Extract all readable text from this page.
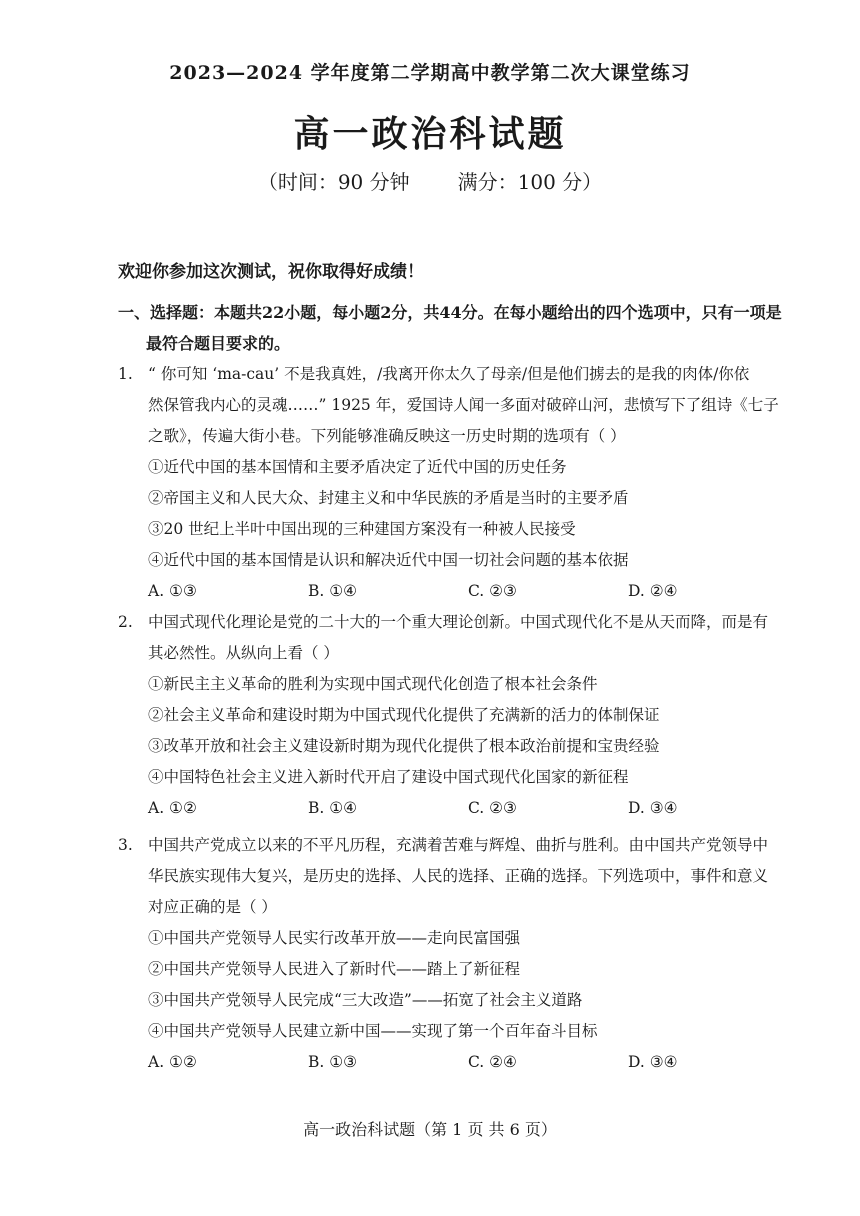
2023—2024 学年度第二学期高中教学第二次大课堂练习
高一政治科试题
（时间：90 分钟 满分：100 分）
欢迎你参加这次测试，祝你取得好成绩！
一、选择题：本题共22小题，每小题2分，共44分。在每小题给出的四个选项中，只有一项是
最符合题目要求的。
1. “ 你可知 ‘ma-cau’ 不是我真姓，/我离开你太久了母亲/但是他们掳去的是我的肉体/你依
然保管我内心的灵魂……” 1925 年，爱国诗人闻一多面对破碎山河，悲愤写下了组诗《七子
之歌》，传遍大街小巷。下列能够准确反映这一历史时期的选项有（ ）
①近代中国的基本国情和主要矛盾决定了近代中国的历史任务
②帝国主义和人民大众、封建主义和中华民族的矛盾是当时的主要矛盾
③20 世纪上半叶中国出现的三种建国方案没有一种被人民接受
④近代中国的基本国情是认识和解决近代中国一切社会问题的基本依据
A. ①③	B. ①④	C. ②③	D. ②④
2. 中国式现代化理论是党的二十大的一个重大理论创新。中国式现代化不是从天而降，而是有
其必然性。从纵向上看（ ）
①新民主主义革命的胜利为实现中国式现代化创造了根本社会条件
②社会主义革命和建设时期为中国式现代化提供了充满新的活力的体制保证
③改革开放和社会主义建设新时期为现代化提供了根本政治前提和宝贵经验
④中国特色社会主义进入新时代开启了建设中国式现代化国家的新征程
A. ①②	B. ①④	C. ②③	D. ③④
3. 中国共产党成立以来的不平凡历程，充满着苦难与辉煌、曲折与胜利。由中国共产党领导中
华民族实现伟大复兴，是历史的选择、人民的选择、正确的选择。下列选项中，事件和意义
对应正确的是（ ）
①中国共产党领导人民实行改革开放——走向民富国强
②中国共产党领导人民进入了新时代——踏上了新征程
③中国共产党领导人民完成“三大改造”——拓宽了社会主义道路
④中国共产党领导人民建立新中国——实现了第一个百年奋斗目标
A. ①②	B. ①③	C. ②④	D. ③④
高一政治科试题（第 1 页 共 6 页）
